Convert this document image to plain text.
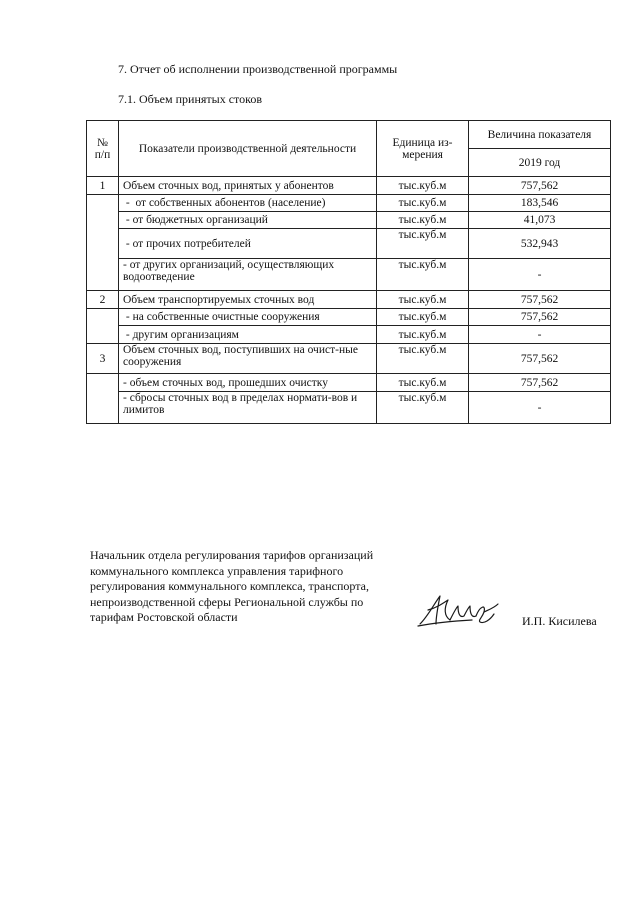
7. Отчет об исполнении производственной программы
7.1. Объем принятых стоков
№ п/п	Показатели производственной деятельности	Единица из-мерения	Величина показателя
			2019 год
1	Объем сточных вод, принятых у абонентов	тыс.куб.м	757,562
	-  от собственных абонентов (население)	тыс.куб.м	183,546
	- от бюджетных организаций	тыс.куб.м	41,073
	- от прочих потребителей	тыс.куб.м	532,943
	- от других организаций, осуществляющих водоотведение	тыс.куб.м	-
2	Объем транспортируемых сточных вод	тыс.куб.м	757,562
	- на собственные очистные сооружения	тыс.куб.м	757,562
	- другим организациям	тыс.куб.м	-
3	Объем сточных вод, поступивших на очист-ные сооружения	тыс.куб.м	757,562
	- объем сточных вод, прошедших очистку	тыс.куб.м	757,562
	- сбросы сточных вод в пределах нормати-вов и лимитов	тыс.куб.м	-
Начальник отдела регулирования тарифов организаций
коммунального комплекса управления тарифного
регулирования коммунального комплекса, транспорта,
непроизводственной сферы Региональной службы по
тарифам Ростовской области	И.П. Кисилева
